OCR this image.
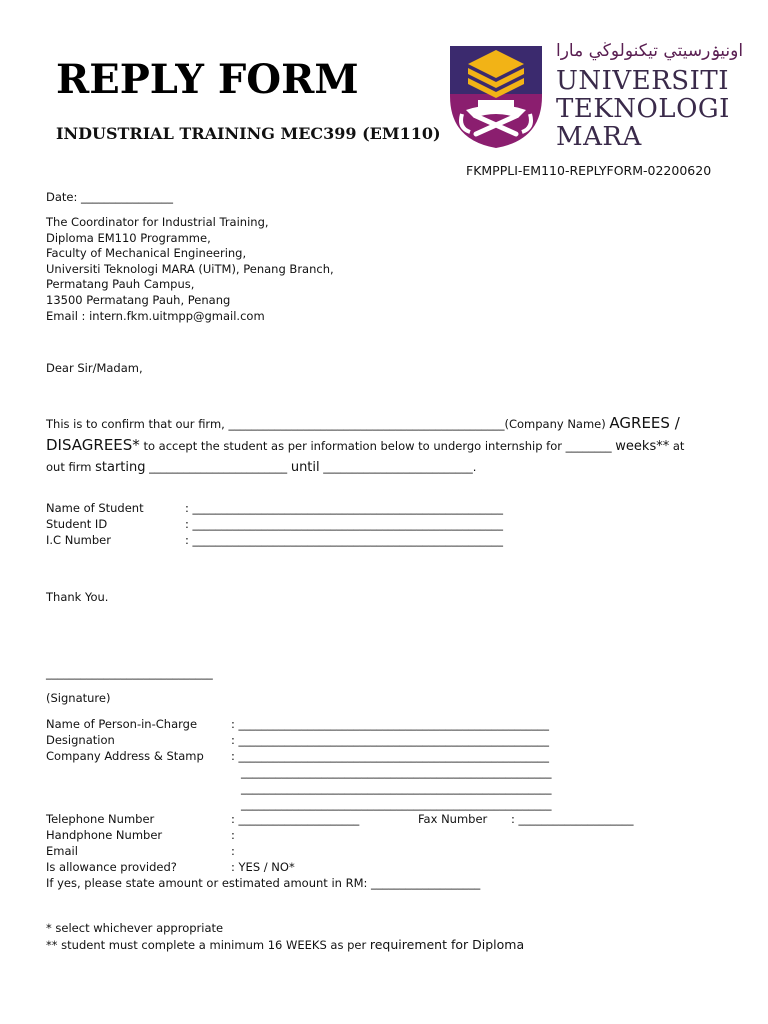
REPLY FORM
INDUSTRIAL TRAINING MEC399 (EM110)
اونيۏرسيتي تيكنولوڬي مارا
UNIVERSITI
TEKNOLOGI
MARA
FKMPPLI-EM110-REPLYFORM-02200620
Date: ________________
The Coordinator for Industrial Training,
Diploma EM110 Programme,
Faculty of Mechanical Engineering,
Universiti Teknologi MARA (UiTM), Penang Branch,
Permatang Pauh Campus,
13500 Permatang Pauh, Penang
Email : intern.fkm.uitmpp@gmail.com
Dear Sir/Madam,
This is to confirm that our firm, ________________________________________________(Company Name) AGREES /
DISAGREES* to accept the student as per information below to undergo internship for ________ weeks** at
out firm starting ________________________ until __________________________.
Name of Student	: ______________________________________________________
Student ID	: ______________________________________________________
I.C Number	: ______________________________________________________
Thank You.
_____________________________
(Signature)
Name of Person-in-Charge	: ______________________________________________________
Designation	: ______________________________________________________
Company Address & Stamp : ______________________________________________________
______________________________________________________
______________________________________________________
______________________________________________________
Telephone Number	: _____________________	Fax Number : ____________________
Handphone Number	:
Email	:
Is allowance provided?	: YES / NO*
If yes, please state amount or estimated amount in RM: ___________________
* select whichever appropriate
** student must complete a minimum 16 WEEKS as per requirement for Diploma
